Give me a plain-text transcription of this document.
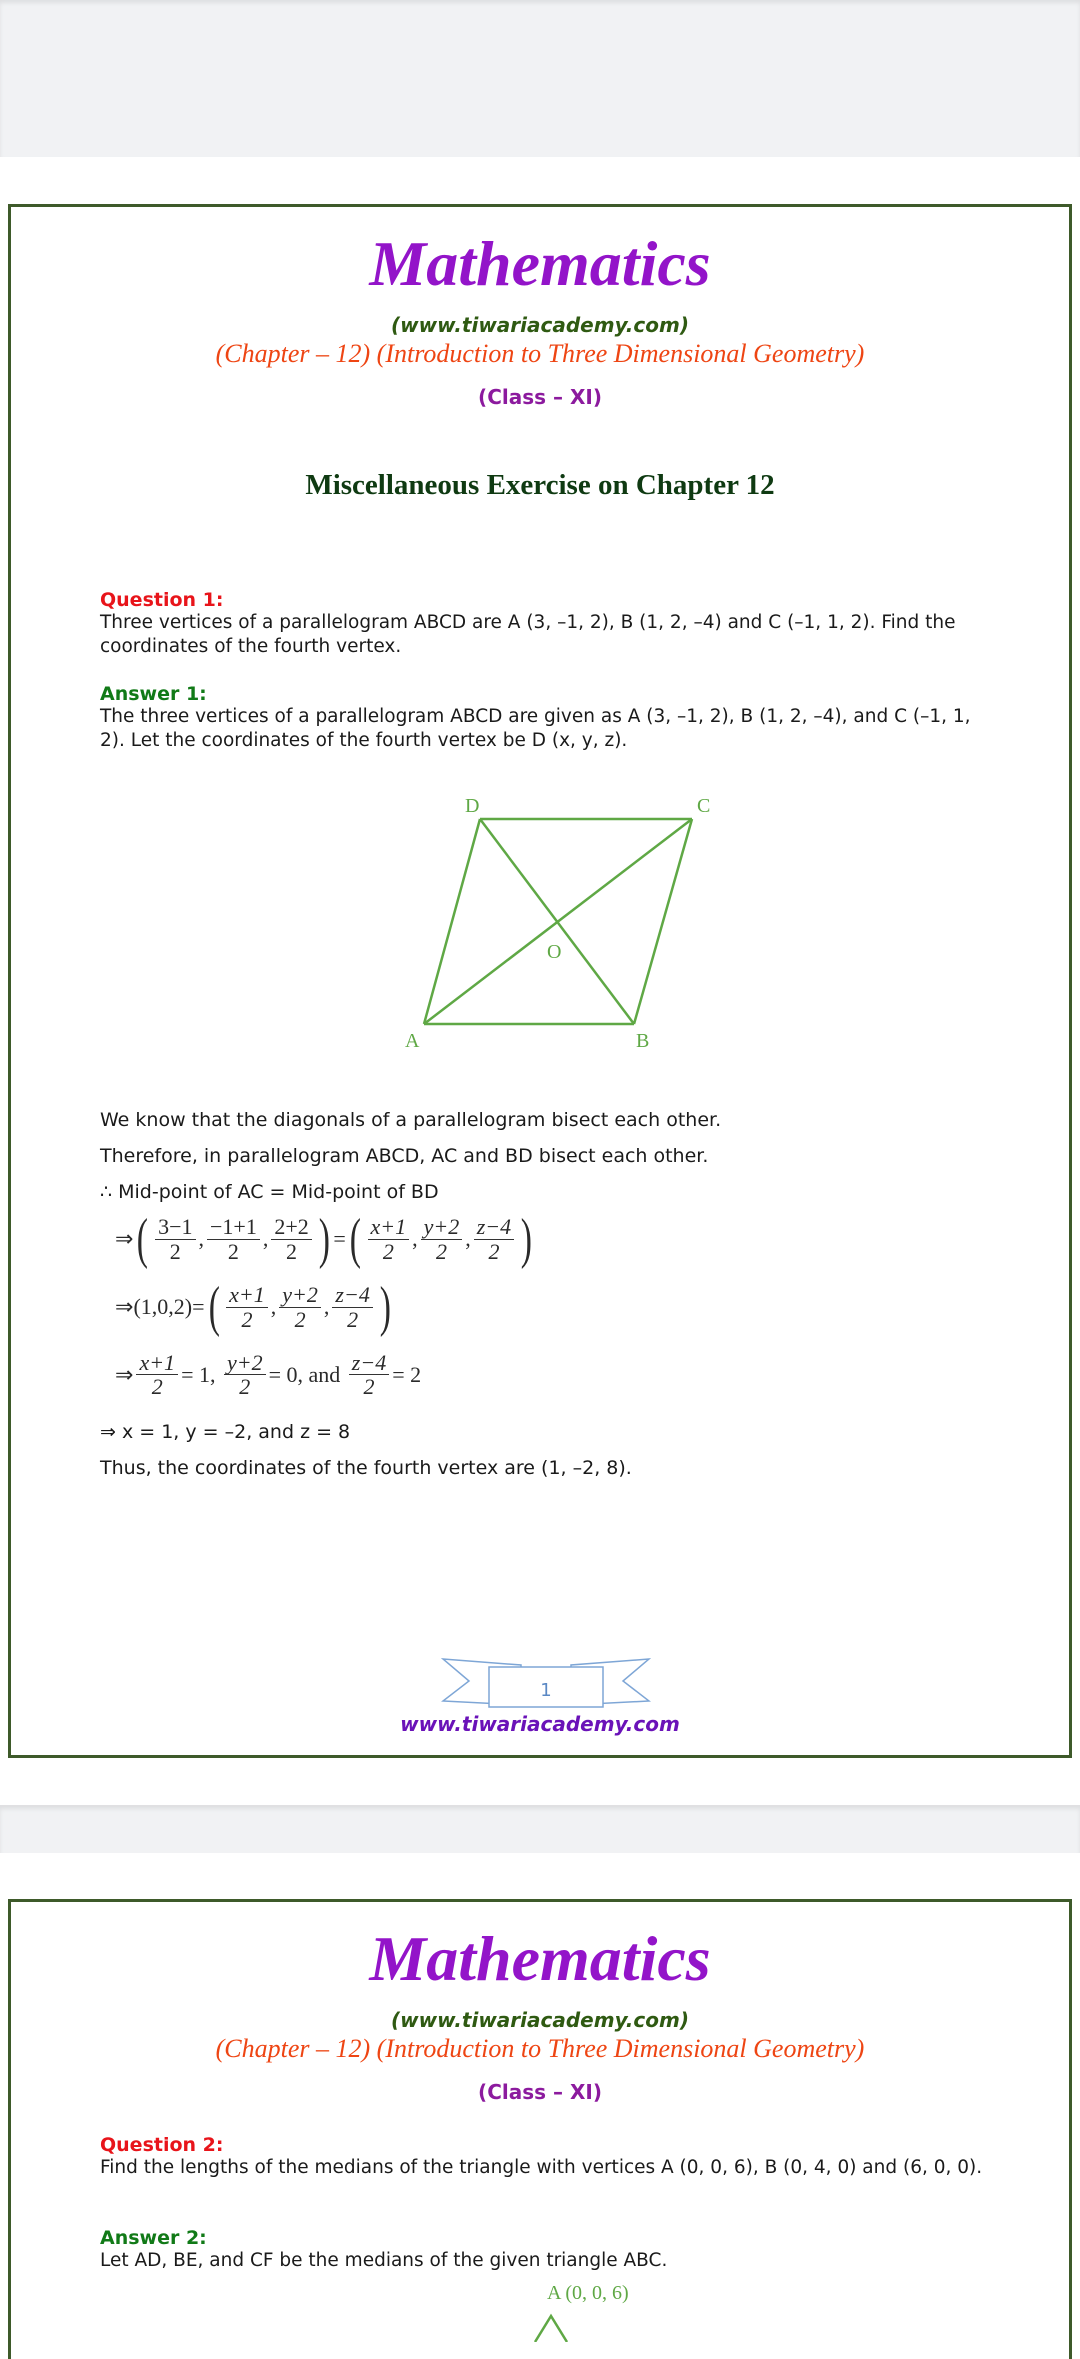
Mathematics
(www.tiwariacademy.com)
(Chapter – 12) (Introduction to Three Dimensional Geometry)
(Class – XI)
Miscellaneous Exercise on Chapter 12
Question 1:
Three vertices of a parallelogram ABCD are A (3, –1, 2), B (1, 2, –4) and C (–1, 1, 2). Find the coordinates of the fourth vertex.
Answer 1:
The three vertices of a parallelogram ABCD are given as A (3, –1, 2), B (1, 2, –4), and C (–1, 1, 2). Let the coordinates of the fourth vertex be D (x, y, z).
D	C
O
A	B
We know that the diagonals of a parallelogram bisect each other.
Therefore, in parallelogram ABCD, AC and BD bisect each other.
∴ Mid-point of AC = Mid-point of BD
⇒ ( $\frac{3-1}{2}$ , $\frac{-1+1}{2}$ , $\frac{2+2}{2}$ ) = ( $\frac{x+1}{2}$ , $\frac{y+2}{2}$ , $\frac{z-4}{2}$ )
⇒ (1,0,2) = ( $\frac{x+1}{2}$ , $\frac{y+2}{2}$ , $\frac{z-4}{2}$ )
⇒ $\frac{x+1}{2} = 1$,
$\frac{y+2}{2} = 0$,
and
$\frac{z-4}{2} = 2$
⇒ x = 1, y = –2, and z = 8
Thus, the coordinates of the fourth vertex are (1, –2, 8).
1
www.tiwariacademy.com
Mathematics
(www.tiwariacademy.com)
(Chapter – 12) (Introduction to Three Dimensional Geometry)
(Class – XI)
Question 2:
Find the lengths of the medians of the triangle with vertices A (0, 0, 6), B (0, 4, 0) and (6, 0, 0).
Answer 2:
Let AD, BE, and CF be the medians of the given triangle ABC.
A (0, 0, 6)
